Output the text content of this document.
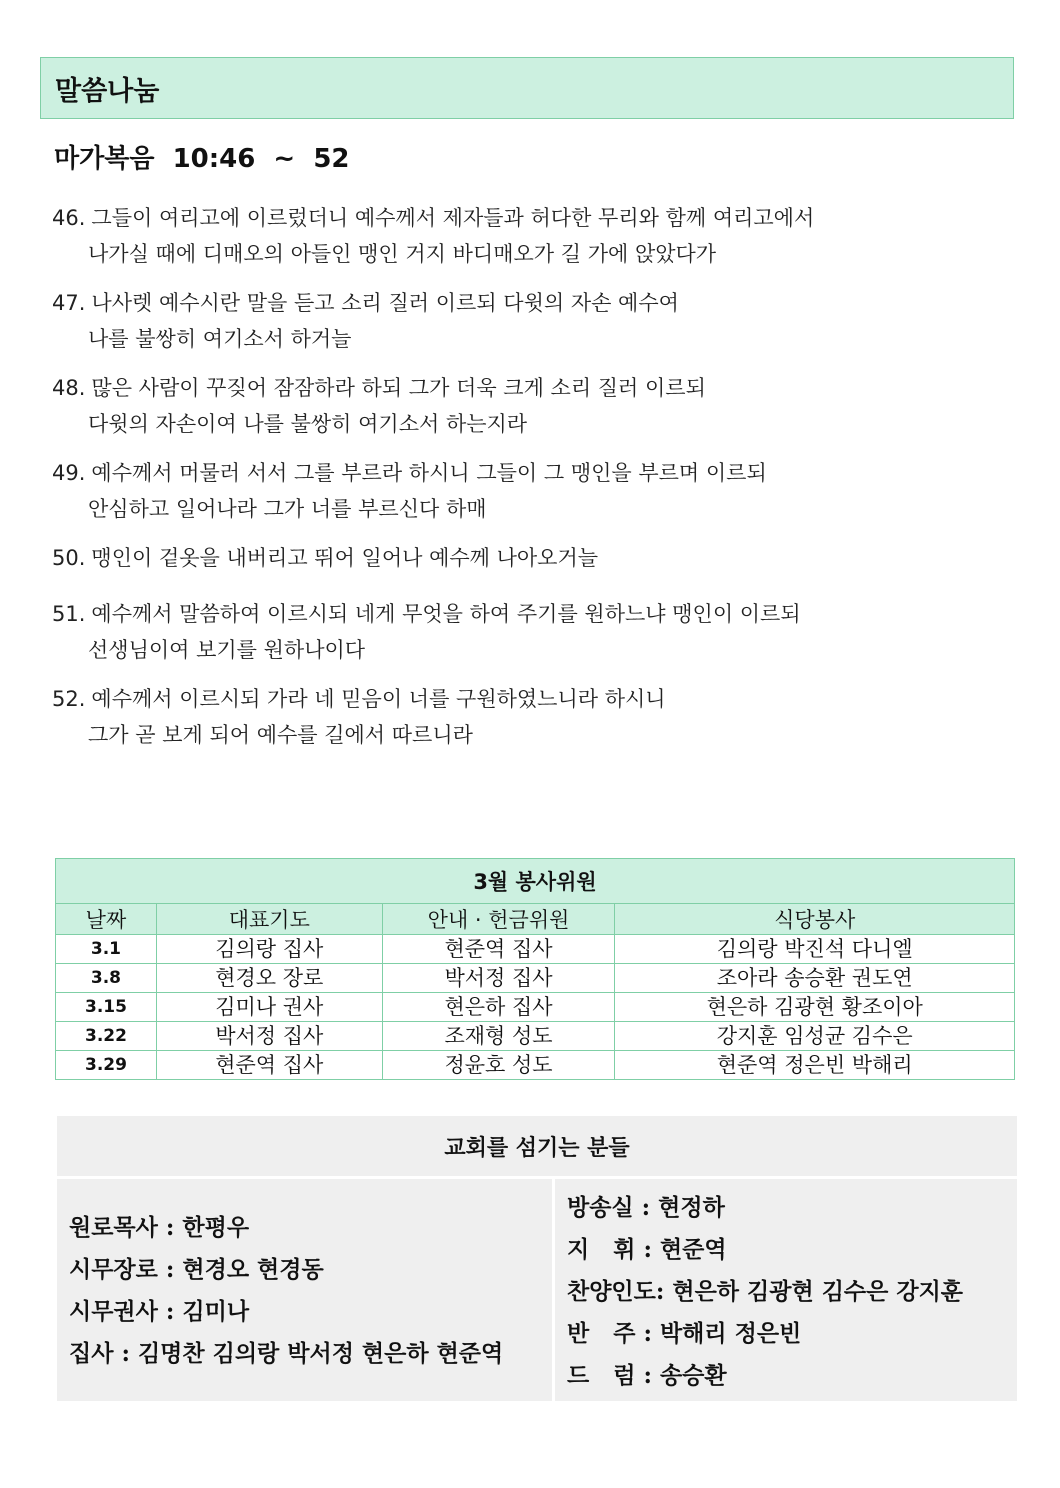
말씀나눔
마가복음  10:46  ~  52
46. 그들이 여리고에 이르렀더니 예수께서 제자들과 허다한 무리와 함께 여리고에서
나가실 때에 디매오의 아들인 맹인 거지 바디매오가 길 가에 앉았다가
47. 나사렛 예수시란 말을 듣고 소리 질러 이르되 다윗의 자손 예수여
나를 불쌍히 여기소서 하거늘
48. 많은 사람이 꾸짖어 잠잠하라 하되 그가 더욱 크게 소리 질러 이르되
다윗의 자손이여 나를 불쌍히 여기소서 하는지라
49. 예수께서 머물러 서서 그를 부르라 하시니 그들이 그 맹인을 부르며 이르되
안심하고 일어나라 그가 너를 부르신다 하매
50. 맹인이 겉옷을 내버리고 뛰어 일어나 예수께 나아오거늘
51. 예수께서 말씀하여 이르시되 네게 무엇을 하여 주기를 원하느냐 맹인이 이르되
선생님이여 보기를 원하나이다
52. 예수께서 이르시되 가라 네 믿음이 너를 구원하였느니라 하시니
그가 곧 보게 되어 예수를 길에서 따르니라
3월 봉사위원			
날짜	대표기도	안내 · 헌금위원	식당봉사
3.1	김의랑 집사	현준역 집사	김의랑 박진석 다니엘
3.8	현경오 장로	박서정 집사	조아라 송승환 권도연
3.15	김미나 권사	현은하 집사	현은하 김광현 황조이아
3.22	박서정 집사	조재형 성도	강지훈 임성균 김수은
3.29	현준역 집사	정윤호 성도	현준역 정은빈 박해리
교회를 섬기는 분들
원로목사 : 한평우
시무장로 : 현경오 현경동
시무권사 : 김미나
집사 : 김명찬 김의랑 박서정 현은하 현준역
방송실 : 현정하
지   휘 : 현준역
찬양인도: 현은하 김광현 김수은 강지훈
반   주 : 박해리 정은빈
드   럼 : 송승환
